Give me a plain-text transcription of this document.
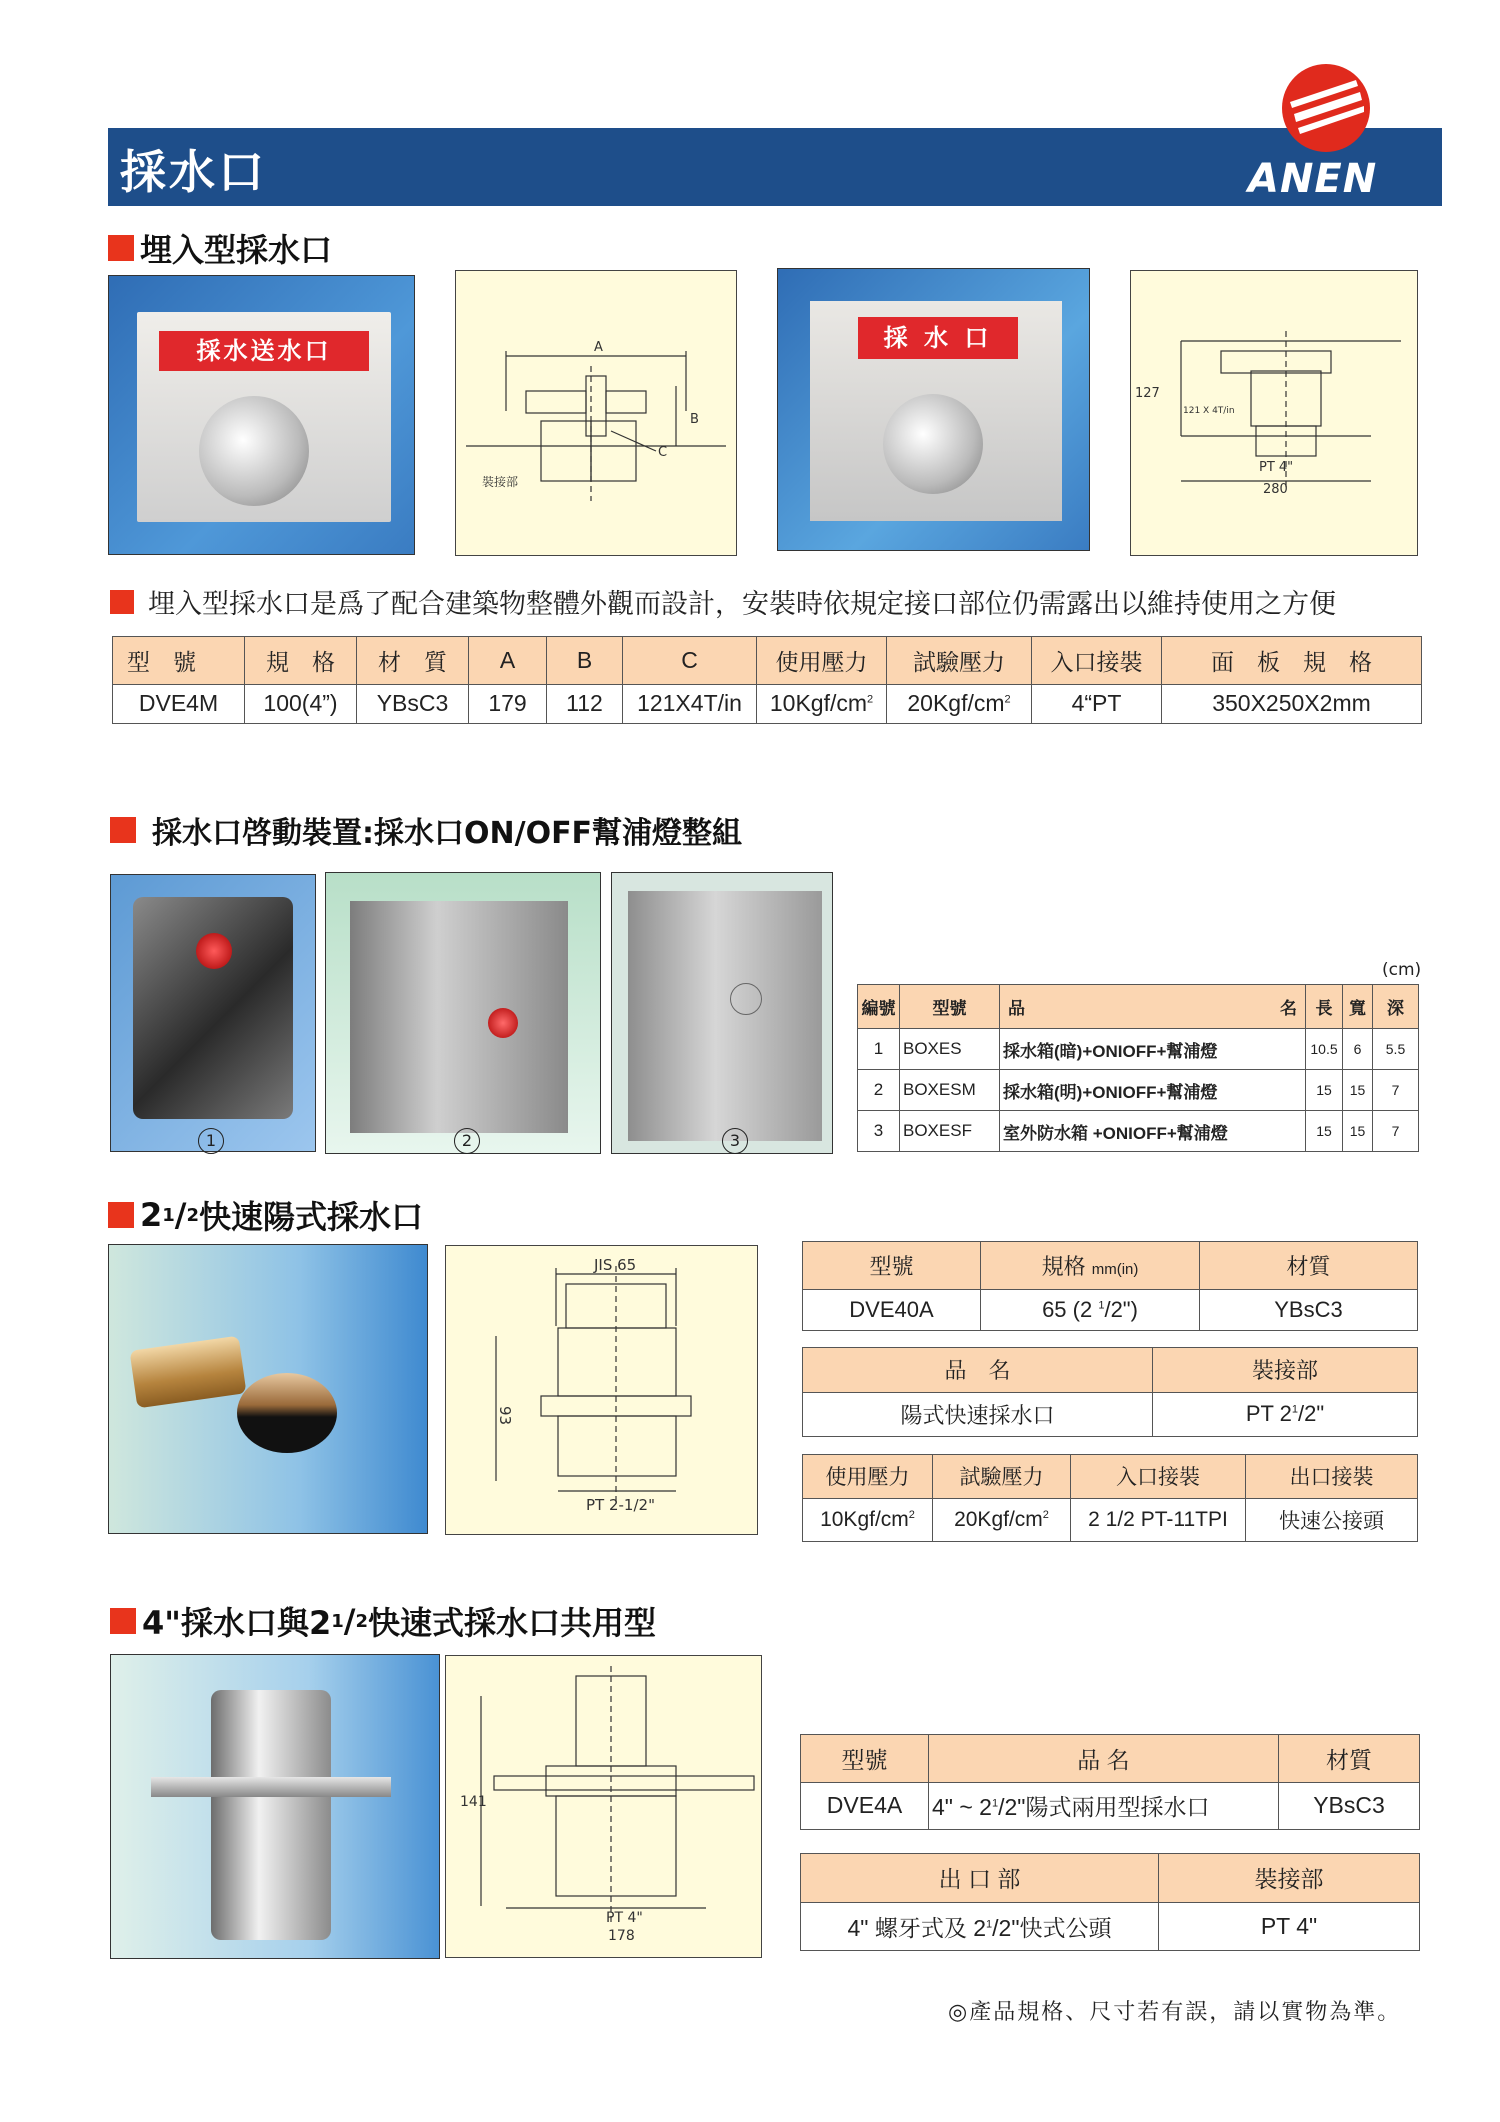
採水口	ANEN
埋入型採水口
採水送水口	A
B
C
裝接部
採 水 口
127
121 X 4T/in
PT 4"
280
埋入型採水口是爲了配合建築物整體外觀而設計，安裝時依規定接口部位仍需露出以維持使用之方便
型　號	規　格	材　質	A	B	C	使用壓力	試驗壓力	入口接裝	面　板　規　格
DVE4M	100(4”)	YBsC3	179	112	121X4T/in	$10Kgf/cm^2$	$20Kgf/cm^2$	4“PT	350X250X2mm
採水口啓動裝置 :採水口ON/OFF幫浦燈整組
1	2	3
(cm)
編號	型號	品 名	長	寬	深
1	BOXES	採水箱(暗)+ONIOFF+幫浦燈	10.5	6	5.5
2	BOXESM	採水箱(明)+ONIOFF+幫浦燈	15	15	7
3	BOXESF	室外防水箱 +ONIOFF+幫浦燈	15	15	7
2 1 / 2 快速陽式採水口
JIS 65
93
PT 2-1/2"
型號	規格 mm(in)	材質
DVE40A	65 (2 $^1$/2")	YBsC3
品　名	裝接部
陽式快速採水口	PT $2^1/2$"
使用壓力	試驗壓力	入口接裝	出口接裝
$10Kgf/cm^2$	$20Kgf/cm^2$	2 1/2 PT-11TPI	快速公接頭
4"採水口與2 1 / 2 快速式採水口共用型
141
PT 4"
178
型號	品 名	材質
DVE4A	4" ~ $2^1/2$"陽式兩用型採水口	YBsC3
出 口 部	裝接部
4" 螺牙式及 $2^1/2$"快式公頭	PT 4"
◎產品規格、尺寸若有誤，請以實物為準。
